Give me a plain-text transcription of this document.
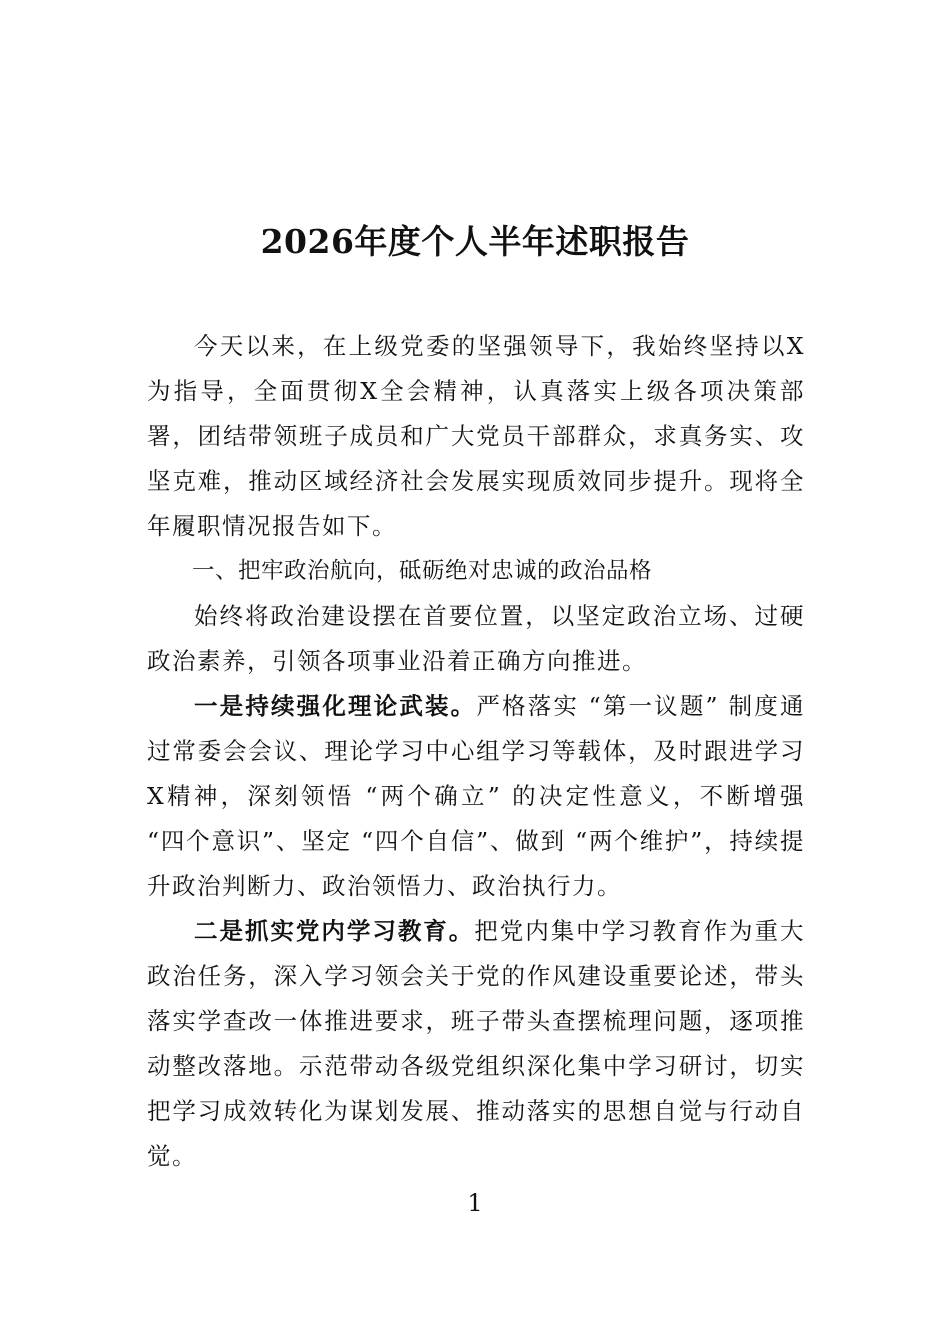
2026年度个人半年述职报告

今天以来，在上级党委的坚强领导下，我始终坚持以X为指导，全面贯彻X全会精神，认真落实上级各项决策部署，团结带领班子成员和广大党员干部群众，求真务实、攻坚克难，推动区域经济社会发展实现质效同步提升。现将全年履职情况报告如下。

一、把牢政治航向，砥砺绝对忠诚的政治品格

始终将政治建设摆在首要位置，以坚定政治立场、过硬政治素养，引领各项事业沿着正确方向推进。

一是持续强化理论武装。严格落实 “第一议题” 制度通过常委会会议、理论学习中心组学习等载体，及时跟进学习X精神，深刻领悟 “两个确立” 的决定性意义，不断增强 “四个意识”、坚定 “四个自信”、做到 “两个维护”，持续提升政治判断力、政治领悟力、政治执行力。

二是抓实党内学习教育。把党内集中学习教育作为重大政治任务，深入学习领会关于党的作风建设重要论述，带头落实学查改一体推进要求，班子带头查摆梳理问题，逐项推动整改落地。示范带动各级党组织深化集中学习研讨，切实把学习成效转化为谋划发展、推动落实的思想自觉与行动自觉。

1
